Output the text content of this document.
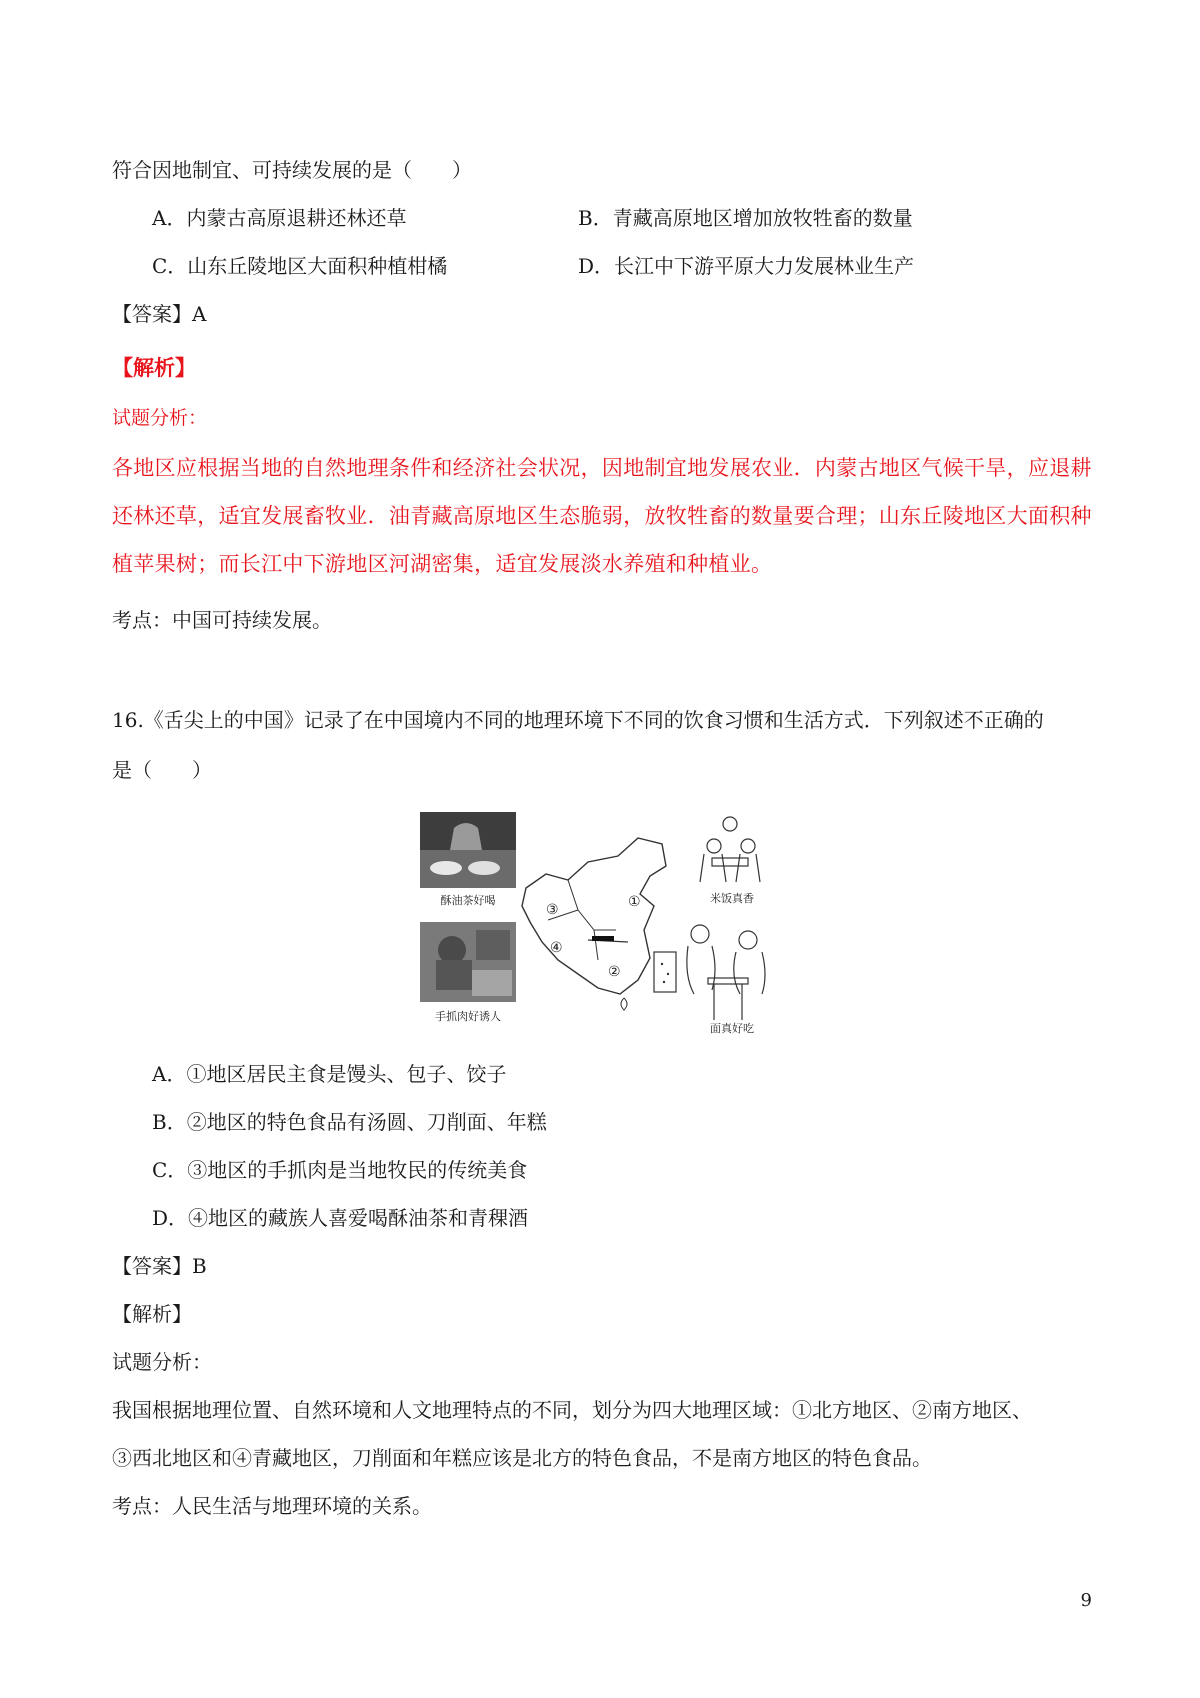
符合因地制宜、可持续发展的是（　　）
A．内蒙古高原退耕还林还草	B．青藏高原地区增加放牧牲畜的数量
C．山东丘陵地区大面积种植柑橘	D．长江中下游平原大力发展林业生产
【答案】A
【解析】
试题分析：
各地区应根据当地的自然地理条件和经济社会状况，因地制宜地发展农业．内蒙古地区气候干旱，应退耕
还林还草，适宜发展畜牧业．油青藏高原地区生态脆弱，放牧牲畜的数量要合理；山东丘陵地区大面积种
植苹果树；而长江中下游地区河湖密集，适宜发展淡水养殖和种植业。
考点：中国可持续发展。
16.《舌尖上的中国》记录了在中国境内不同的地理环境下不同的饮食习惯和生活方式．下列叙述不正确的
是（　　）
酥油茶好喝
手抓肉好诱人
③
④
①
②
米饭真香
面真好吃
A．①地区居民主食是馒头、包子、饺子
B．②地区的特色食品有汤圆、刀削面、年糕
C．③地区的手抓肉是当地牧民的传统美食
D．④地区的藏族人喜爱喝酥油茶和青稞酒
【答案】B
【解析】
试题分析：
我国根据地理位置、自然环境和人文地理特点的不同，划分为四大地理区域：①北方地区、②南方地区、
③西北地区和④青藏地区，刀削面和年糕应该是北方的特色食品，不是南方地区的特色食品。
考点：人民生活与地理环境的关系。
9
